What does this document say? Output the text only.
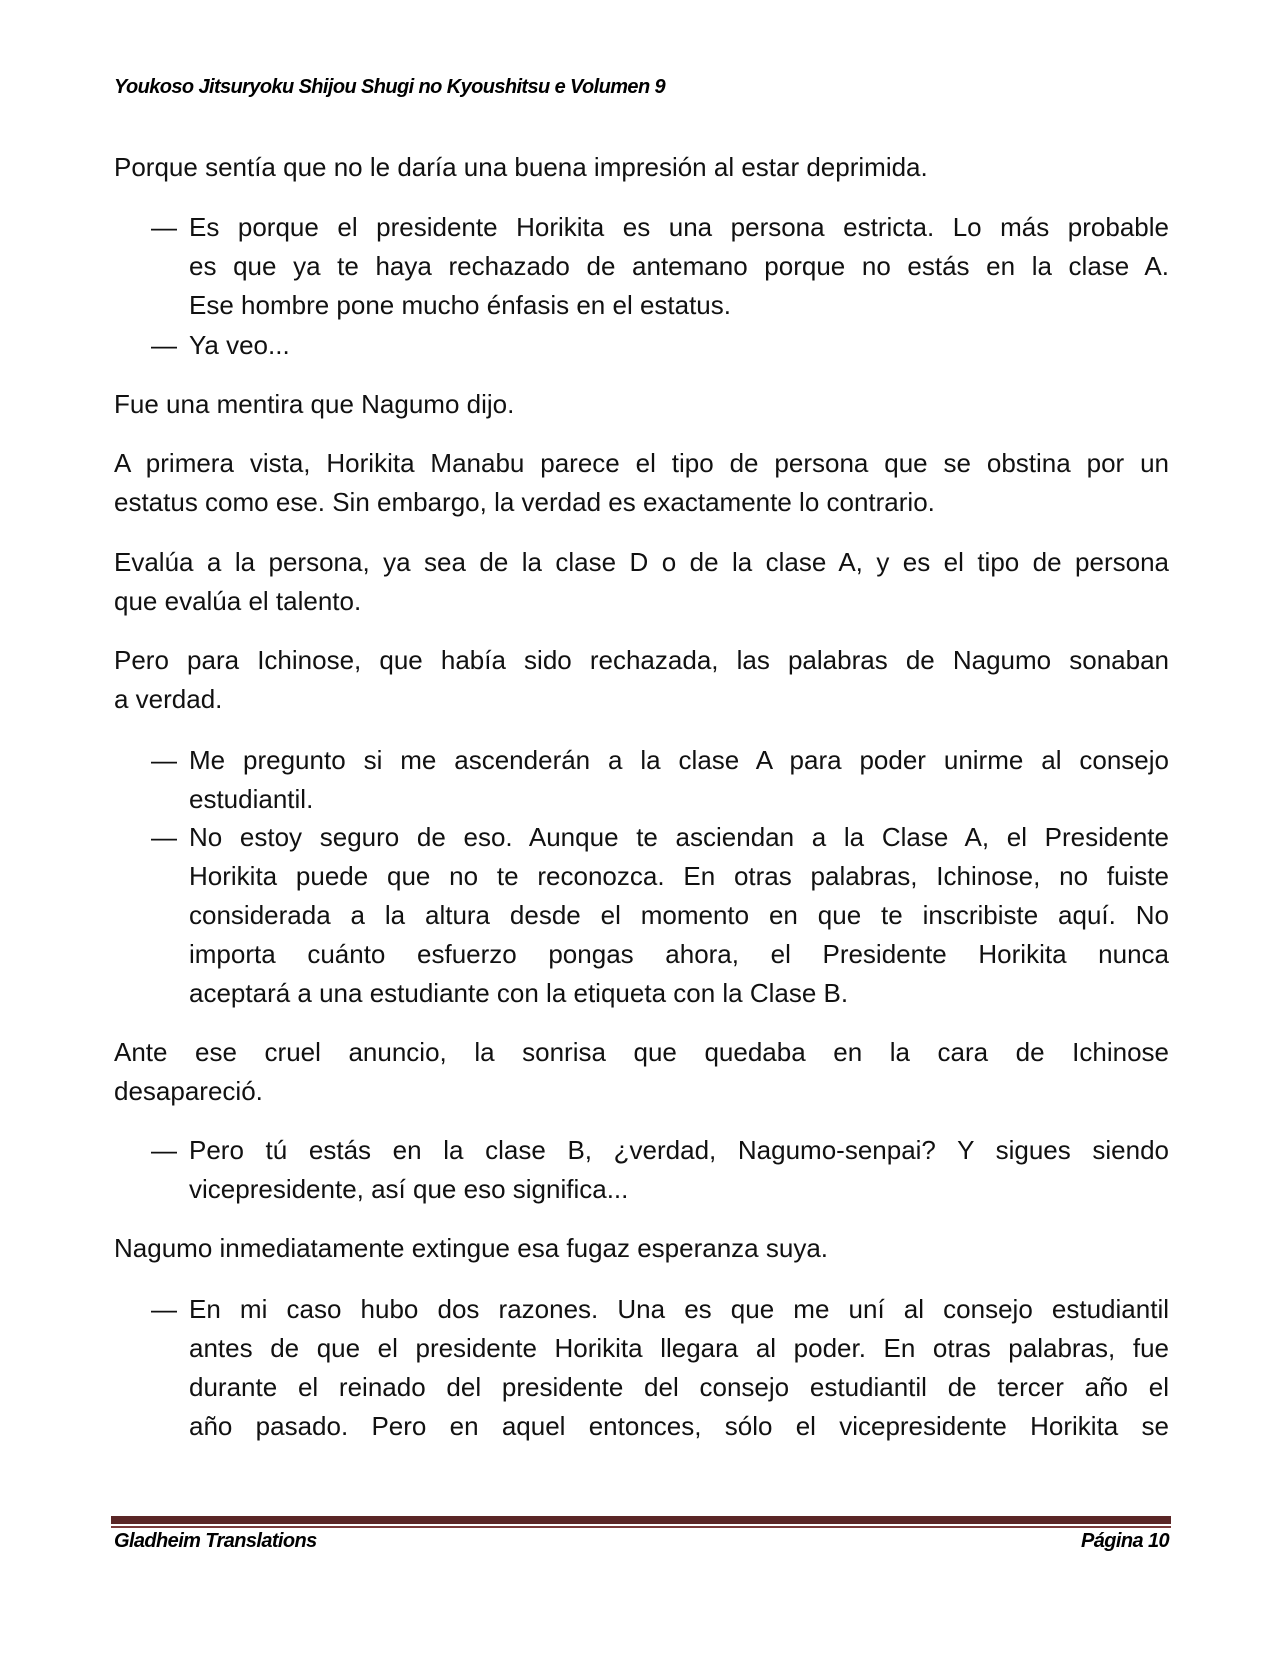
Youkoso Jitsuryoku Shijou Shugi no Kyoushitsu e Volumen 9
Porque sentía que no le daría una buena impresión al estar deprimida.
— Es porque el presidente Horikita es una persona estricta. Lo más probable
es que ya te haya rechazado de antemano porque no estás en la clase A.
Ese hombre pone mucho énfasis en el estatus.
— Ya veo...
Fue una mentira que Nagumo dijo.
A primera vista, Horikita Manabu parece el tipo de persona que se obstina por un
estatus como ese. Sin embargo, la verdad es exactamente lo contrario.
Evalúa a la persona, ya sea de la clase D o de la clase A, y es el tipo de persona
que evalúa el talento.
Pero para Ichinose, que había sido rechazada, las palabras de Nagumo sonaban
a verdad.
— Me pregunto si me ascenderán a la clase A para poder unirme al consejo
estudiantil.
— No estoy seguro de eso. Aunque te asciendan a la Clase A, el Presidente
Horikita puede que no te reconozca. En otras palabras, Ichinose, no fuiste
considerada a la altura desde el momento en que te inscribiste aquí. No
importa cuánto esfuerzo pongas ahora, el Presidente Horikita nunca
aceptará a una estudiante con la etiqueta con la Clase B.
Ante ese cruel anuncio, la sonrisa que quedaba en la cara de Ichinose
desapareció.
— Pero tú estás en la clase B, ¿verdad, Nagumo-senpai? Y sigues siendo
vicepresidente, así que eso significa...
Nagumo inmediatamente extingue esa fugaz esperanza suya.
— En mi caso hubo dos razones. Una es que me uní al consejo estudiantil
antes de que el presidente Horikita llegara al poder. En otras palabras, fue
durante el reinado del presidente del consejo estudiantil de tercer año el
año pasado. Pero en aquel entonces, sólo el vicepresidente Horikita se
Gladheim Translations	Página 10
